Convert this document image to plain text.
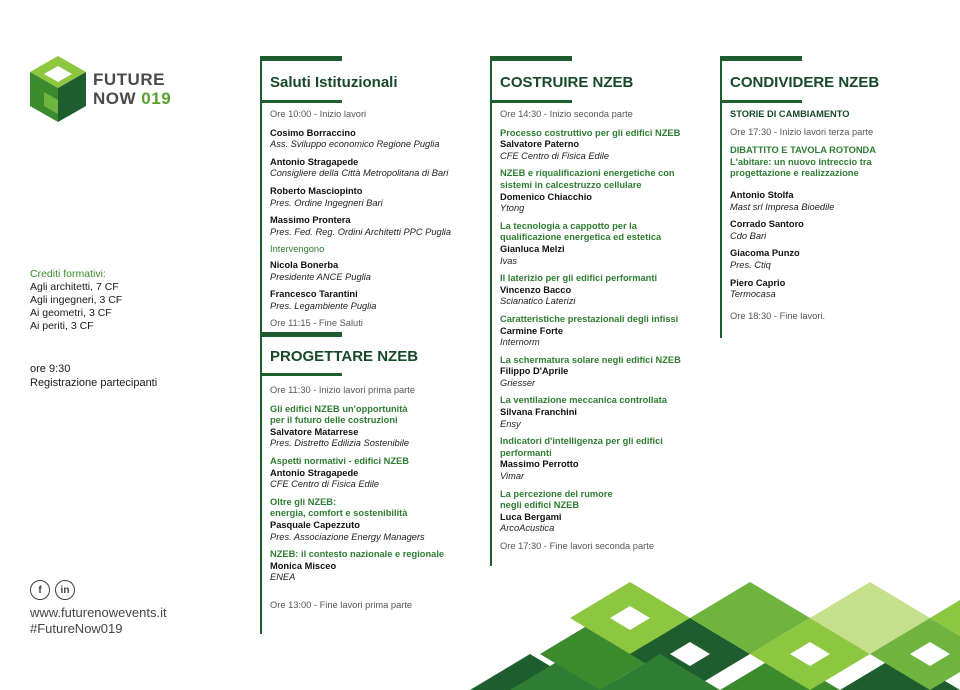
FUTURE
NOW 019
Crediti formativi:
Agli architetti, 7 CF
Agli ingegneri, 3 CF
Ai geometri, 3 CF
Ai periti, 3 CF
ore 9:30
Registrazione partecipanti
f	in
www.futurenowevents.it
#FutureNow019
Saluti Istituzionali
Ore 10:00 - Inizio lavori
Cosimo Borraccino
Ass. Sviluppo economico Regione Puglia
Antonio Stragapede
Consigliere della Città Metropolitana di Bari
Roberto Masciopinto
Pres. Ordine Ingegneri Bari
Massimo Prontera
Pres. Fed. Reg. Ordini Architetti PPC Puglia
Intervengono
Nicola Bonerba
Presidente ANCE Puglia
Francesco Tarantini
Pres. Legambiente Puglia
Ore 11:15 - Fine Saluti
PROGETTARE NZEB
Ore 11:30 - Inizio lavori prima parte
Gli edifici NZEB un'opportunità
per il futuro delle costruzioni
Salvatore Matarrese
Pres. Distretto Edilizia Sostenibile
Aspetti normativi - edifici NZEB
Antonio Stragapede
CFE Centro di Fisica Edile
Oltre gli NZEB:
energia, comfort e sostenibilità
Pasquale Capezzuto
Pres. Associazione Energy Managers
NZEB: il contesto nazionale e regionale
Monica Misceo
ENEA
Ore 13:00 - Fine lavori prima parte
COSTRUIRE NZEB
Ore 14:30 - Inizio seconda parte
Processo costruttivo per gli edifici NZEB
Salvatore Paterno
CFE Centro di Fisica Edile
NZEB e riqualificazioni energetiche con
sistemi in calcestruzzo cellulare
Domenico Chiacchio
Ytong
La tecnologia a cappotto per la
qualificazione energetica ed estetica
Gianluca Melzi
Ivas
Il laterizio per gli edifici performanti
Vincenzo Bacco
Scianatico Laterizi
Caratteristiche prestazionali degli infissi
Carmine Forte
Internorm
La schermatura solare negli edifici NZEB
Filippo D'Aprile
Griesser
La ventilazione meccanica controllata
Silvana Franchini
Ensy
Indicatori d'intelligenza per gli edifici
performanti
Massimo Perrotto
Vimar
La percezione del rumore
negli edifici NZEB
Luca Bergami
ArcoAcustica
Ore 17:30 - Fine lavori seconda parte
CONDIVIDERE NZEB
STORIE DI CAMBIAMENTO
Ore 17:30 - Inizio lavori terza parte
DIBATTITO E TAVOLA ROTONDA
L'abitare: un nuovo intreccio tra
progettazione e realizzazione
Antonio Stolfa
Mast srl Impresa Bioedile
Corrado Santoro
Cdo Bari
Giacoma Punzo
Pres. Ctiq
Piero Caprio
Termocasa
Ore 18:30 - Fine lavori.
